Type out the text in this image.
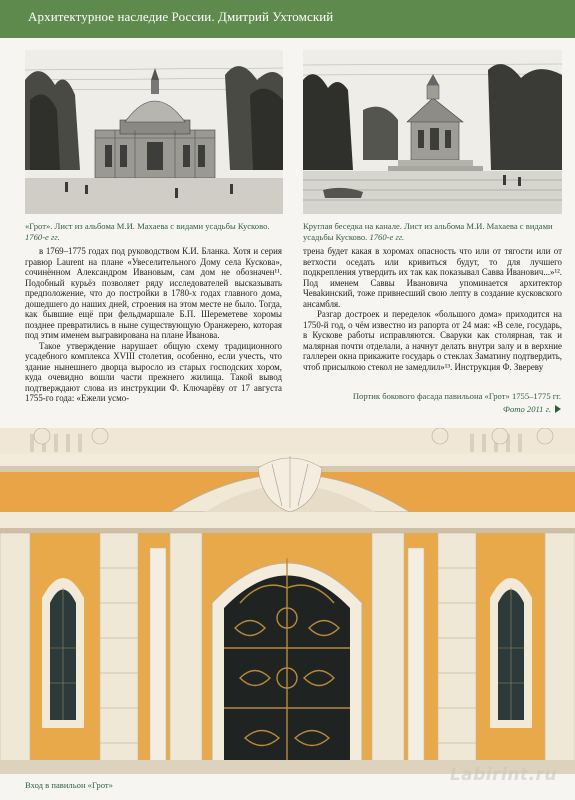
Архитектурное наследие России. Дмитрий Ухтомский
«Грот». Лист из альбома М.И. Махаева с видами усадьбы Кусково. 1760-е гг.
Круглая беседка на канале. Лист из альбома М.И. Махаева с видами усадьбы Кусково. 1760-е гг.

в 1769–1775 годах под руководством К.И. Бланка. Хотя и серия гравюр Laurent на плане «Увеселительного Дому села Кускова», сочинённом Александром Ивановым, сам дом не обозначен¹¹. Подобный курьёз позволяет ряду исследователей высказывать предположение, что до постройки в 1780-х годах главного дома, дошедшего до наших дней, строения на этом месте не было. Тогда, как бывшие ещё при фельдмаршале Б.П. Шереметеве хоромы позднее превратились в ныне существующую Оранжерею, которая под этим именем выгравирована на плане Иванова.

Такое утверждение нарушает общую схему традиционного усадебного комплекса XVIII столетия, особенно, если учесть, что здание нынешнего дворца выросло из старых господских хором, куда очевидно вошли части прежнего жилища. Такой вывод подтверждают слова из инструкции Ф. Ключарёву от 17 августа 1755-го года: «Ежели усмо-

трена будет какая в хоромах опасность что или от тягости или от ветхости оседать или кривиться будут, то для лучшего подкрепления утвердить их так как показывал Савва Иванович...»¹². Под именем Саввы Ивановича упоминается архитектор Чеваkинский, тоже привнесший свою лепту в создание кусковского ансамбля.

Разгар достроек и переделок «большого дома» приходится на 1750-й год, о чём известно из рапорта от 24 мая: «В селе, государь, в Кускове работы исправляются. Сваруки как столярная, так и малярная почти отделали, а начнут делать внутри залу и в верхние галлереи окна прикажите государь о стеклах Заматину подтвердить, чтоб присылкою стекол не замедлил»¹³. Инструкция Ф. Звереву

Портик бокового фасада павильона «Грот» 1755–1775 гг.
Фото 2011 г.
Вход в павильон «Грот»	Labirint.ru
